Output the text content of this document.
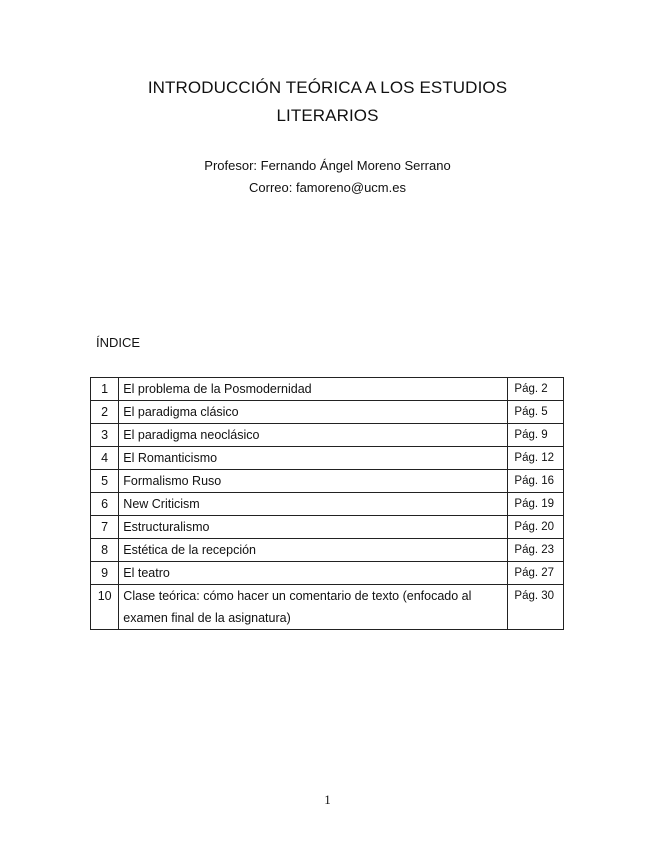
INTRODUCCIÓN TEÓRICA A LOS ESTUDIOS
LITERARIOS
Profesor: Fernando Ángel Moreno Serrano
Correo: famoreno@ucm.es
ÍNDICE
1	El problema de la Posmodernidad	Pág. 2
2	El paradigma clásico	Pág. 5
3	El paradigma neoclásico	Pág. 9
4	El Romanticismo	Pág. 12
5	Formalismo Ruso	Pág. 16
6	New Criticism	Pág. 19
7	Estructuralismo	Pág. 20
8	Estética de la recepción	Pág. 23
9	El teatro	Pág. 27
10	Clase teórica: cómo hacer un comentario de texto (enfocado al examen final de la asignatura)	Pág. 30
1
